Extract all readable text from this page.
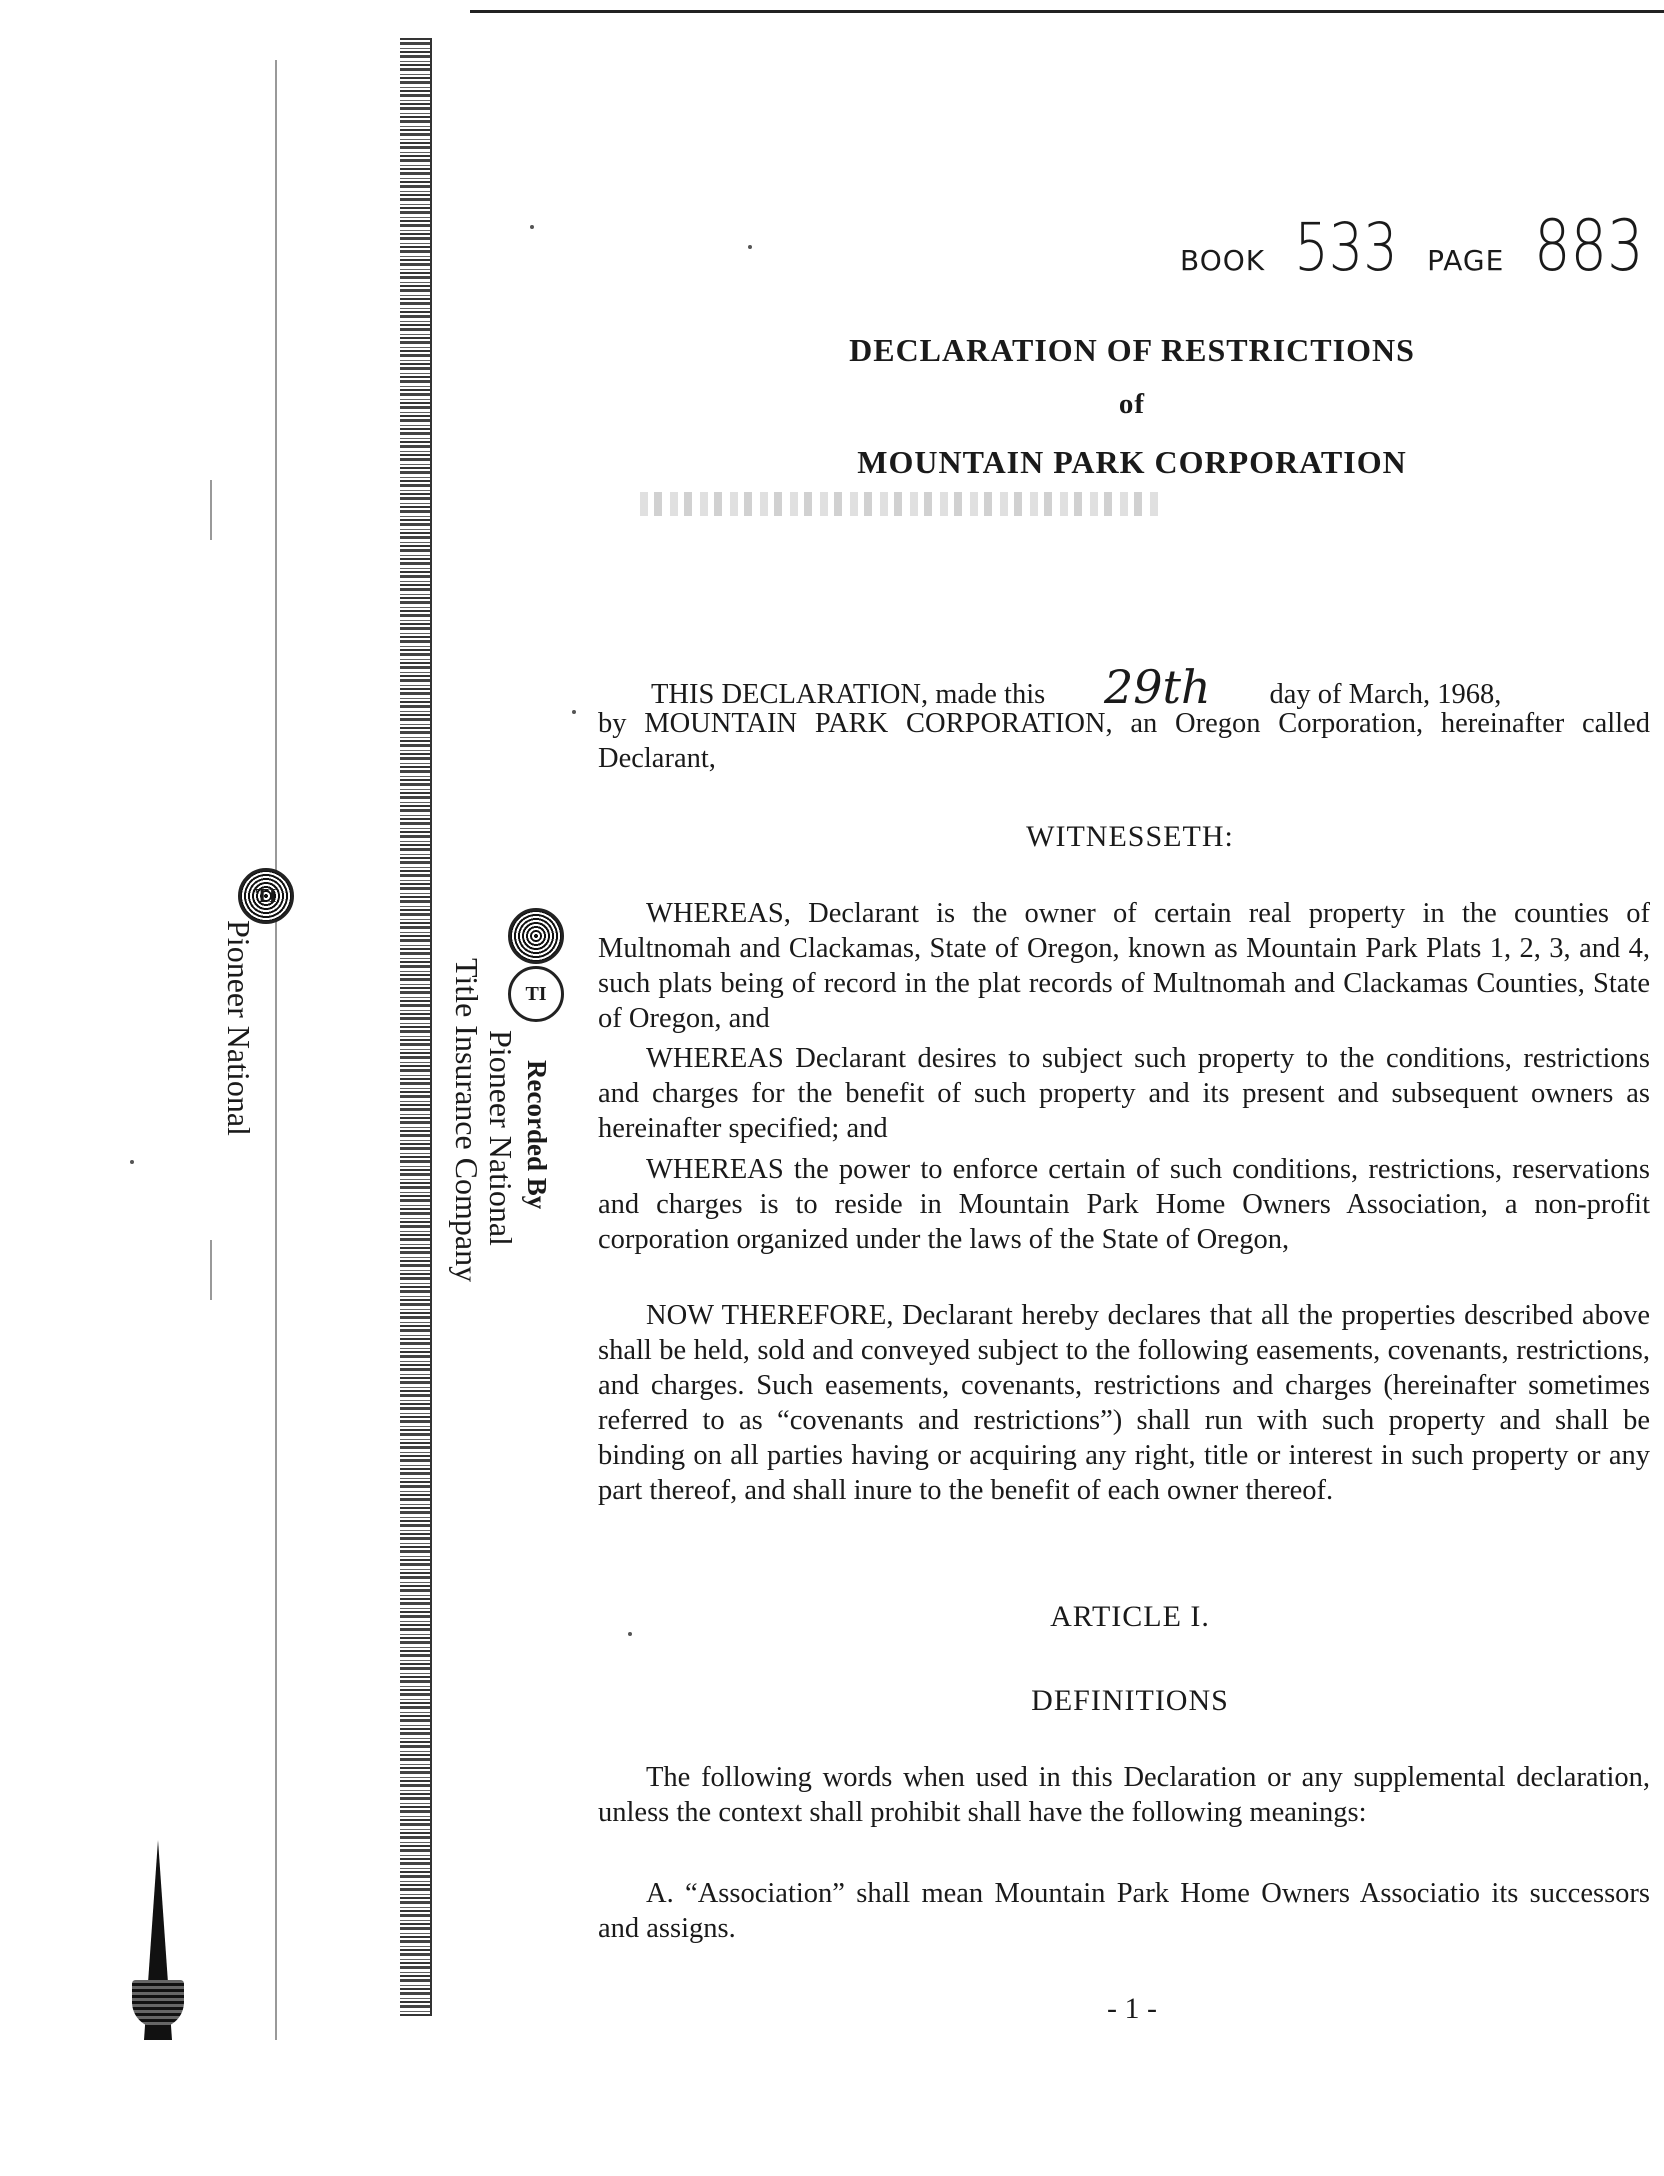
TI
Pioneer National	TI
Recorded By
Pioneer National
Title Insurance Company
BOOK 533 PAGE 883
DECLARATION OF RESTRICTIONS
of
MOUNTAIN PARK CORPORATION
THIS DECLARATION, made this 29th day of March, 1968,
by MOUNTAIN PARK CORPORATION, an Oregon Corporation, hereinafter called Declarant,
WITNESSETH:
WHEREAS, Declarant is the owner of certain real property in the counties of Multnomah and Clackamas, State of Oregon, known as Mountain Park Plats 1, 2, 3, and 4, such plats being of record in the plat records of Multnomah and Clackamas Counties, State of Oregon, and
WHEREAS Declarant desires to subject such property to the conditions, restrictions and charges for the benefit of such property and its present and subsequent owners as hereinafter specified; and
WHEREAS the power to enforce certain of such conditions, restrictions, reservations and charges is to reside in Mountain Park Home Owners Association, a non-profit corporation organized under the laws of the State of Oregon,
NOW THEREFORE, Declarant hereby declares that all the properties described above shall be held, sold and conveyed subject to the following easements, covenants, restrictions, and charges. Such easements, covenants, restrictions and charges (hereinafter sometimes referred to as “covenants and restrictions”) shall run with such property and shall be binding on all parties having or acquiring any right, title or interest in such property or any part thereof, and shall inure to the benefit of each owner thereof.
ARTICLE I.
DEFINITIONS
The following words when used in this Declaration or any supplemental declaration, unless the context shall prohibit shall have the following meanings:
A. “Association” shall mean Mountain Park Home Owners Associatio its successors and assigns.
- 1 -
